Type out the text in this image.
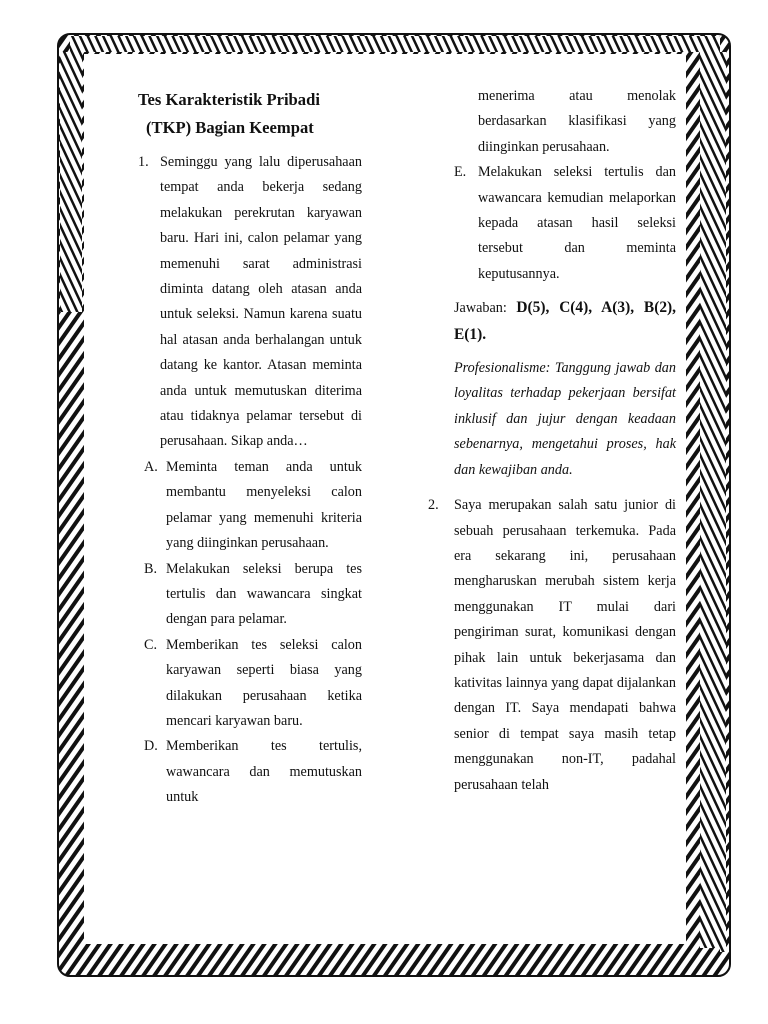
Tes Karakteristik Pribadi
(TKP) Bagian Keempat
1. Seminggu yang lalu diperusahaan tempat anda bekerja sedang melakukan perekrutan karyawan baru. Hari ini, calon pelamar yang memenuhi sarat administrasi diminta datang oleh atasan anda untuk seleksi. Namun karena suatu hal atasan anda berhalangan untuk datang ke kantor. Atasan meminta anda untuk memutuskan diterima atau tidaknya pelamar tersebut di perusahaan. Sikap anda…
A. Meminta teman anda untuk membantu menyeleksi calon pelamar yang memenuhi kriteria yang diinginkan perusahaan.
B. Melakukan seleksi berupa tes tertulis dan wawancara singkat dengan para pelamar.
C. Memberikan tes seleksi calon karyawan seperti biasa yang dilakukan perusahaan ketika mencari karyawan baru.
D. Memberikan tes tertulis, wawancara dan memutuskan untuk
menerima atau menolak berdasarkan klasifikasi yang diinginkan perusahaan.
E. Melakukan seleksi tertulis dan wawancara kemudian melaporkan kepada atasan hasil seleksi tersebut dan meminta keputusannya.
Jawaban: D(5), C(4), A(3), B(2), E(1).
Profesionalisme: Tanggung jawab dan loyalitas terhadap pekerjaan bersifat inklusif dan jujur dengan keadaan sebenarnya, mengetahui proses, hak dan kewajiban anda.
2. Saya merupakan salah satu junior di sebuah perusahaan terkemuka. Pada era sekarang ini, perusahaan mengharuskan merubah sistem kerja menggunakan IT mulai dari pengiriman surat, komunikasi dengan pihak lain untuk bekerjasama dan kativitas lainnya yang dapat dijalankan dengan IT. Saya mendapati bahwa senior di tempat saya masih tetap menggunakan non-IT, padahal perusahaan telah
